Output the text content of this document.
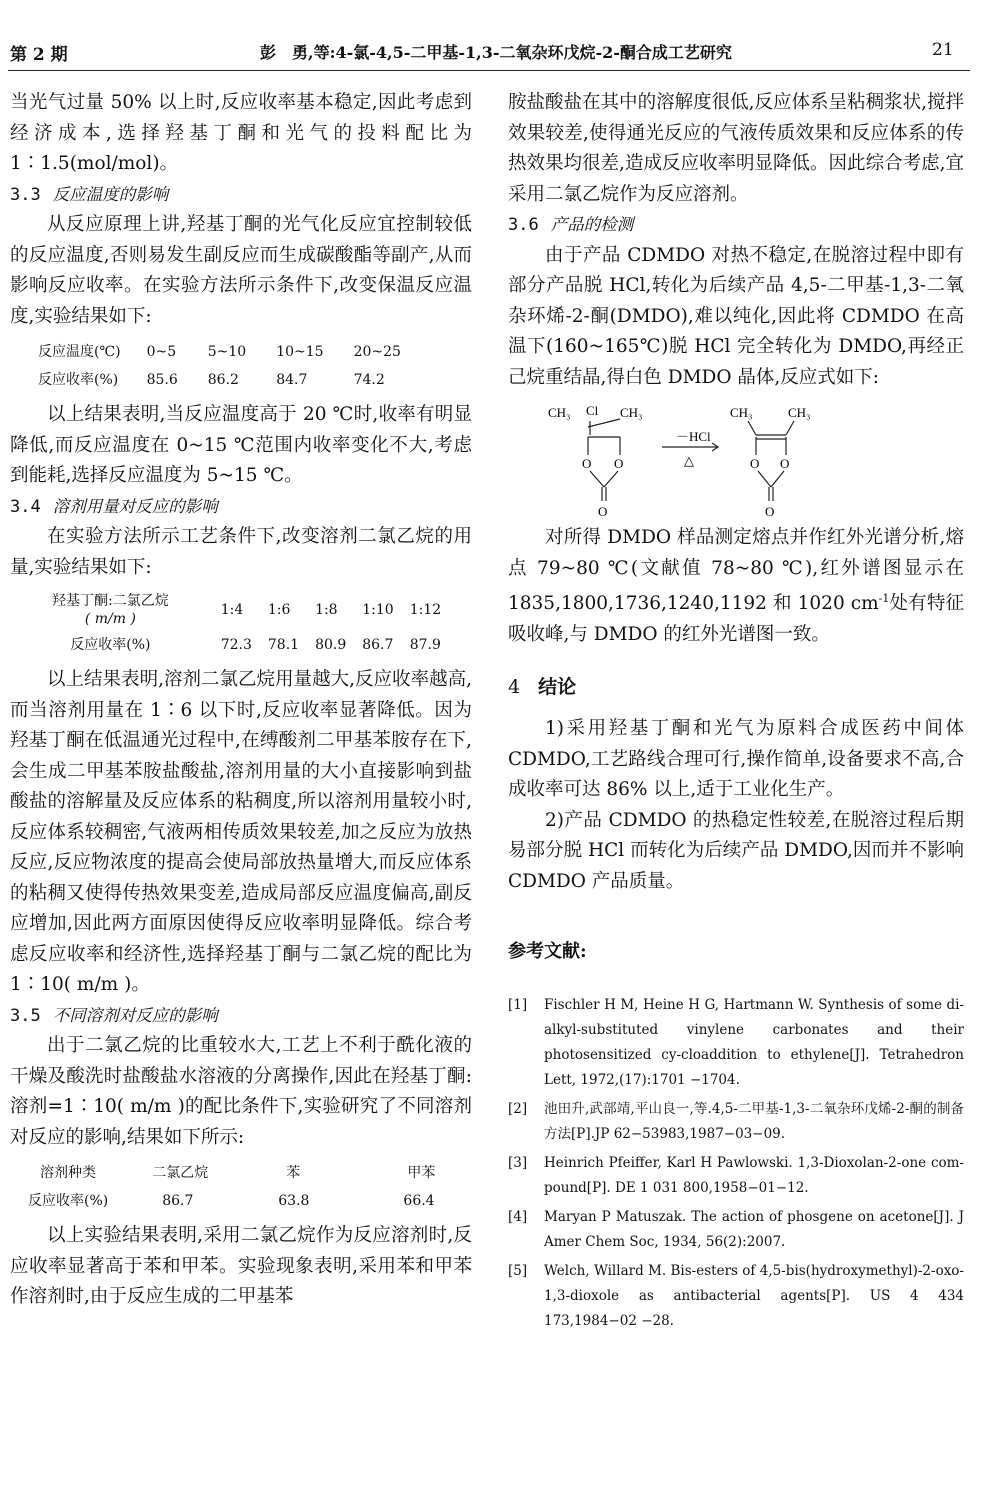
第 2 期	彭　勇,等:4-氯-4,5-二甲基-1,3-二氧杂环戊烷-2-酮合成工艺研究	21

当光气过量 50% 以上时,反应收率基本稳定,因此考虑到经济成本,选择羟基丁酮和光气的投料配比为 1∶1.5(mol/mol)。

3.3 反应温度的影响

从反应原理上讲,羟基丁酮的光气化反应宜控制较低的反应温度,否则易发生副反应而生成碳酸酯等副产,从而影响反应收率。在实验方法所示条件下,改变保温反应温度,实验结果如下:

反应温度(℃)	0~5	5~10	10~15	20~25
反应收率(%)	85.6	86.2	84.7	74.2

以上结果表明,当反应温度高于 20 ℃时,收率有明显降低,而反应温度在 0~15 ℃范围内收率变化不大,考虑到能耗,选择反应温度为 5~15 ℃。

3.4 溶剂用量对反应的影响

在实验方法所示工艺条件下,改变溶剂二氯乙烷的用量,实验结果如下:

羟基丁酮:二氯乙烷
( m/m )	1:4	1:6	1:8	1:10	1:12
反应收率(%)	72.3	78.1	80.9	86.7	87.9

以上结果表明,溶剂二氯乙烷用量越大,反应收率越高,而当溶剂用量在 1∶6 以下时,反应收率显著降低。因为羟基丁酮在低温通光过程中,在缚酸剂二甲基苯胺存在下,会生成二甲基苯胺盐酸盐,溶剂用量的大小直接影响到盐酸盐的溶解量及反应体系的粘稠度,所以溶剂用量较小时,反应体系较稠密,气液两相传质效果较差,加之反应为放热反应,反应物浓度的提高会使局部放热量增大,而反应体系的粘稠又使得传热效果变差,造成局部反应温度偏高,副反应增加,因此两方面原因使得反应收率明显降低。综合考虑反应收率和经济性,选择羟基丁酮与二氯乙烷的配比为 1∶10( m/m )。

3.5 不同溶剂对反应的影响

出于二氯乙烷的比重较水大,工艺上不利于酰化液的干燥及酸洗时盐酸盐水溶液的分离操作,因此在羟基丁酮:溶剂=1∶10( m/m )的配比条件下,实验研究了不同溶剂对反应的影响,结果如下所示:

溶剂种类	二氯乙烷	苯	甲苯
反应收率(%)	86.7	63.8	66.4

以上实验结果表明,采用二氯乙烷作为反应溶剂时,反应收率显著高于苯和甲苯。实验现象表明,采用苯和甲苯作溶剂时,由于反应生成的二甲基苯

胺盐酸盐在其中的溶解度很低,反应体系呈粘稠浆状,搅拌效果较差,使得通光反应的气液传质效果和反应体系的传热效果均很差,造成反应收率明显降低。因此综合考虑,宜采用二氯乙烷作为反应溶剂。

3.6 产品的检测

由于产品 CDMDO 对热不稳定,在脱溶过程中即有部分产品脱 HCl,转化为后续产品 4,5-二甲基-1,3-二氧杂环烯-2-酮(DMDO),难以纯化,因此将 CDMDO 在高温下(160~165℃)脱 HCl 完全转化为 DMDO,再经正己烷重结晶,得白色 DMDO 晶体,反应式如下:

CH₃ Cl CH₃
O O
O
－HCl
△
CH₃	CH₃
O O
O

对所得 DMDO 样品测定熔点并作红外光谱分析,熔点 79~80 ℃(文献值 78~80 ℃),红外谱图显示在 1835,1800,1736,1240,1192 和 1020 $cm^{-1}$处有特征吸收峰,与 DMDO 的红外光谱图一致。

4 结论

1)采用羟基丁酮和光气为原料合成医药中间体 CDMDO,工艺路线合理可行,操作简单,设备要求不高,合成收率可达 86% 以上,适于工业化生产。

2)产品 CDMDO 的热稳定性较差,在脱溶过程后期易部分脱 HCl 而转化为后续产品 DMDO,因而并不影响 CDMDO 产品质量。

参考文献:
[1]	Fischler H M, Heine H G, Hartmann W. Synthesis of some di-alkyl-substituted vinylene carbonates and their photosensitized cy-cloaddition to ethylene[J]. Tetrahedron Lett, 1972,(17):1701 −1704.
[2]	池田升,武部靖,平山良一,等.4,5-二甲基-1,3-二氧杂环戊烯-2-酮的制备方法[P].JP 62−53983,1987−03−09.
[3]	Heinrich Pfeiffer, Karl H Pawlowski. 1,3-Dioxolan-2-one com-pound[P]. DE 1 031 800,1958−01−12.
[4]	Maryan P Matuszak. The action of phosgene on acetone[J]. J Amer Chem Soc, 1934, 56(2):2007.
[5]	Welch, Willard M. Bis-esters of 4,5-bis(hydroxymethyl)-2-oxo-1,3-dioxole as antibacterial agents[P]. US 4 434 173,1984−02 −28.
